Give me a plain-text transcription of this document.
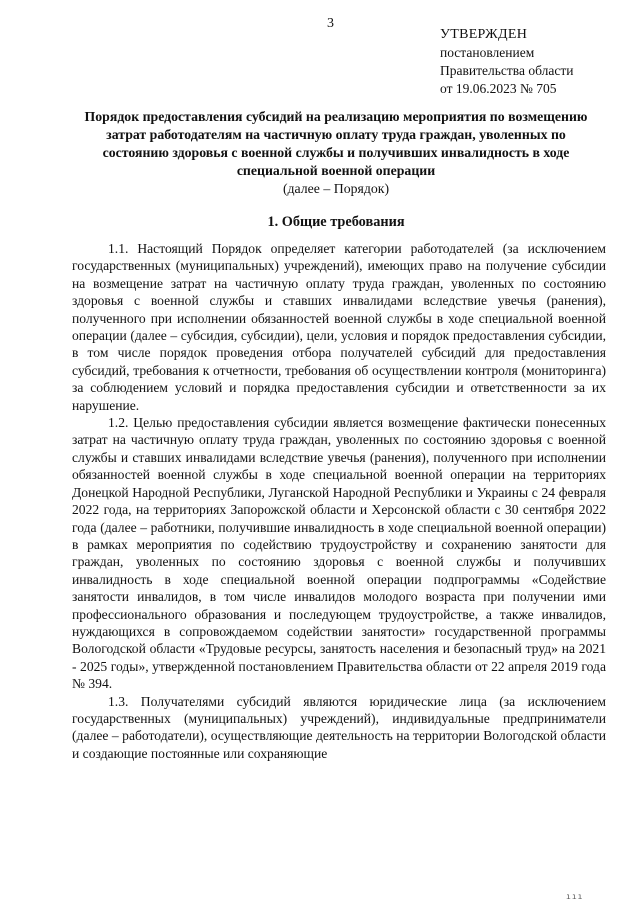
3
УТВЕРЖДЕН
постановлением
Правительства области
от 19.06.2023 № 705
Порядок предоставления субсидий на реализацию мероприятия по возмещению затрат работодателям на частичную оплату труда граждан, уволенных по состоянию здоровья с военной службы и получивших инвалидность в ходе специальной военной операции
(далее – Порядок)
1. Общие требования

1.1. Настоящий Порядок определяет категории работодателей (за исключением государственных (муниципальных) учреждений), имеющих право на получение субсидии на возмещение затрат на частичную оплату труда граждан, уволенных по состоянию здоровья с военной службы и ставших инвалидами вследствие увечья (ранения), полученного при исполнении обязанностей военной службы в ходе специальной военной операции (далее – субсидия, субсидии), цели, условия и порядок предоставления субсидии, в том числе порядок проведения отбора получателей субсидий для предоставления субсидий, требования к отчетности, требования об осуществлении контроля (мониторинга) за соблюдением условий и порядка предоставления субсидии и ответственности за их нарушение.

1.2. Целью предоставления субсидии является возмещение фактически понесенных затрат на частичную оплату труда граждан, уволенных по состоянию здоровья с военной службы и ставших инвалидами вследствие увечья (ранения), полученного при исполнении обязанностей военной службы в ходе специальной военной операции на территориях Донецкой Народной Республики, Луганской Народной Республики и Украины с 24 февраля 2022 года, на территориях Запорожской области и Херсонской области с 30 сентября 2022 года (далее – работники, получившие инвалидность в ходе специальной военной операции) в рамках мероприятия по содействию трудоустройству и сохранению занятости для граждан, уволенных по состоянию здоровья с военной службы и получивших инвалидность в ходе специальной военной операции подпрограммы «Содействие занятости инвалидов, в том числе инвалидов молодого возраста при получении ими профессионального образования и последующем трудоустройстве, а также инвалидов, нуждающихся в сопровождаемом содействии занятости» государственной программы Вологодской области «Трудовые ресурсы, занятость населения и безопасный труд» на 2021 - 2025 годы», утвержденной постановлением Правительства области от 22 апреля 2019 года № 394.

1.3. Получателями субсидий являются юридические лица (за исключением государственных (муниципальных) учреждений), индивидуальные предприниматели (далее – работодатели), осуществляющие деятельность на территории Вологодской области и создающие постоянные или сохраняющие

ııı
